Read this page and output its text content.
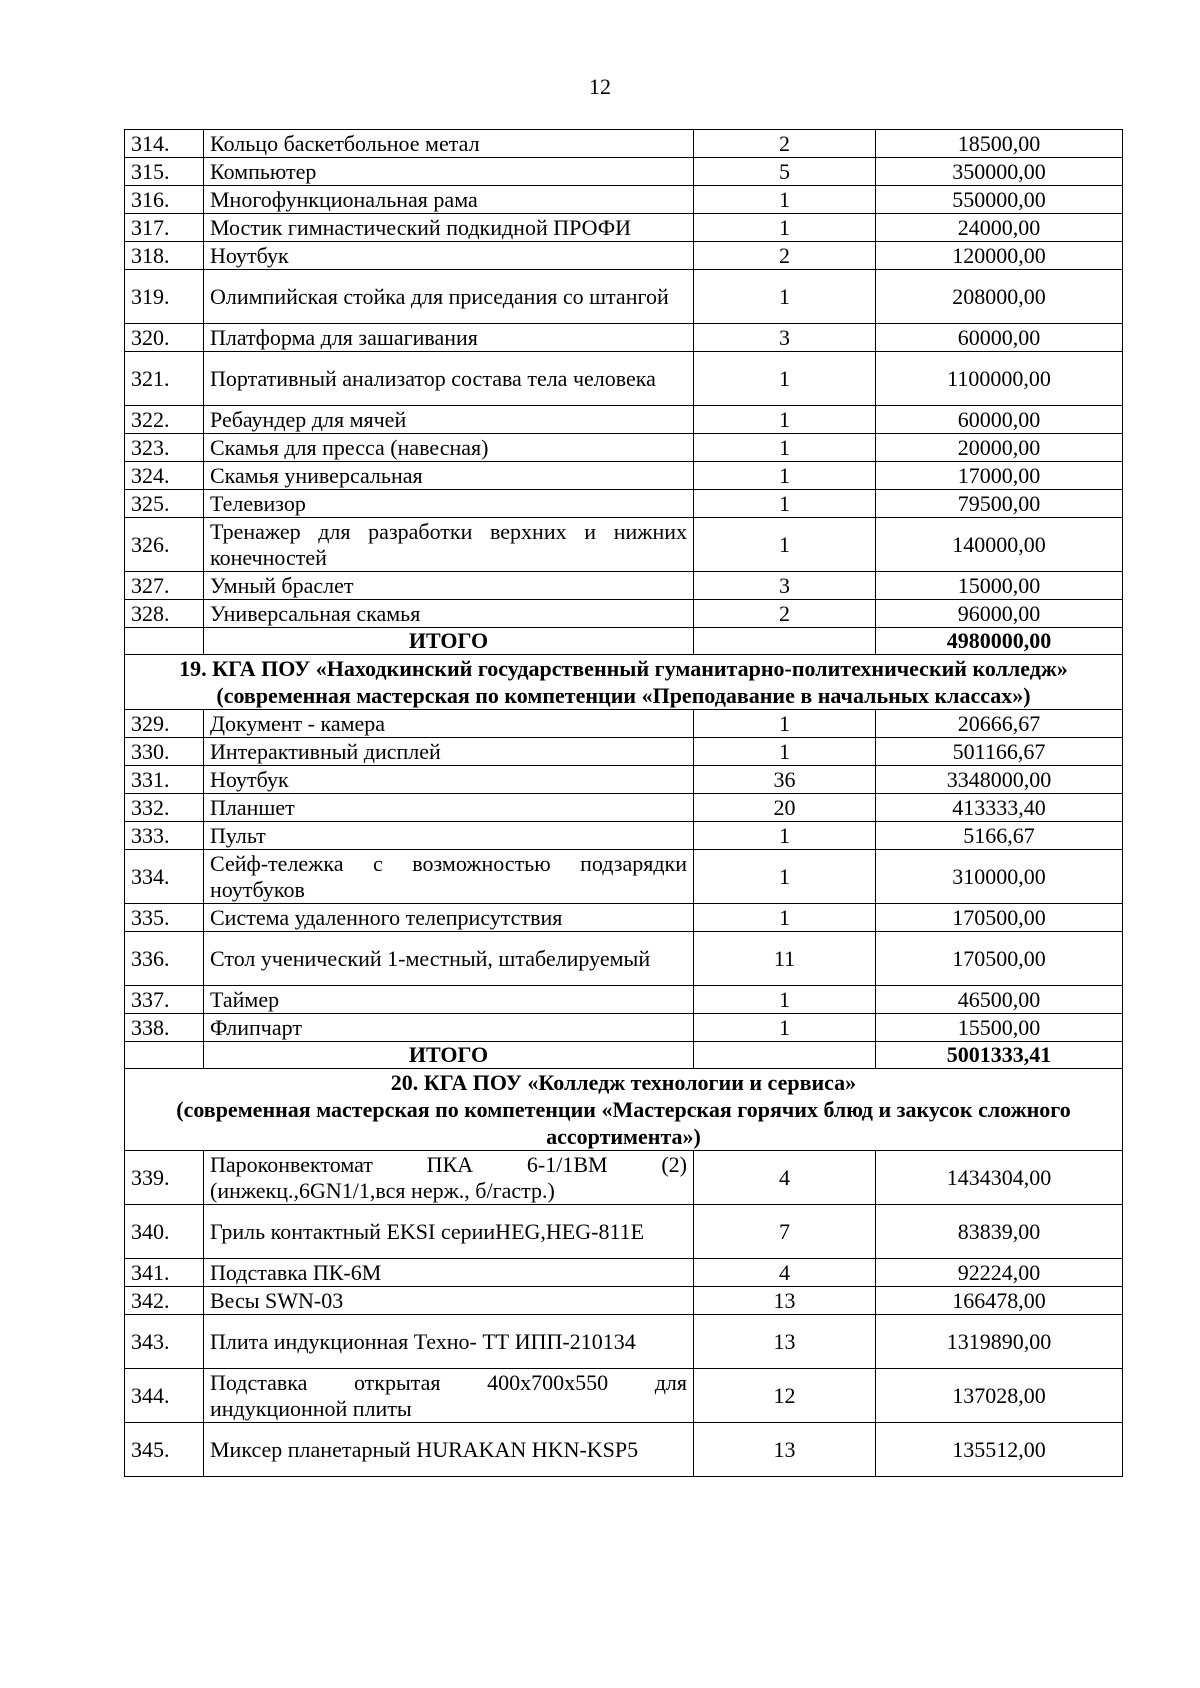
12
314.	Кольцо баскетбольное метал	2	18500,00
315.	Компьютер	5	350000,00
316.	Многофункциональная рама	1	550000,00
317.	Мостик гимнастический подкидной ПРОФИ	1	24000,00
318.	Ноутбук	2	120000,00
319.	Олимпийская стойка для приседания со штангой	1	208000,00
320.	Платформа для зашагивания	3	60000,00
321.	Портативный анализатор состава тела человека	1	1100000,00
322.	Ребаундер для мячей	1	60000,00
323.	Скамья для пресса (навесная)	1	20000,00
324.	Скамья универсальная	1	17000,00
325.	Телевизор	1	79500,00
326.	Тренажер для разработки верхних и нижних конечностей	1	140000,00
327.	Умный браслет	3	15000,00
328.	Универсальная скамья	2	96000,00
	ИТОГО		4980000,00

19. КГА ПОУ «Находкинский государственный гуманитарно-политехнический колледж»
(современная мастерская по компетенции «Преподавание в начальных классах»)			

329.	Документ - камера	1	20666,67
330.	Интерактивный дисплей	1	501166,67
331.	Ноутбук	36	3348000,00
332.	Планшет	20	413333,40
333.	Пульт	1	5166,67
334.	Сейф-тележка с возможностью подзарядки ноутбуков	1	310000,00
335.	Система удаленного телеприсутствия	1	170500,00
336.	Стол ученический 1-местный, штабелируемый	11	170500,00
337.	Таймер	1	46500,00
338.	Флипчарт	1	15500,00
	ИТОГО		5001333,41

20. КГА ПОУ «Колледж технологии и сервиса»
(современная мастерская по компетенции «Мастерская горячих блюд и закусок сложного ассортимента»)			

339.	Пароконвектомат ПКА 6-1/1ВМ (2) (инжекц.,6GN1/1,вся нерж., б/гастр.)	4	1434304,00
340.	Гриль контактный EKSI серииHEG,HEG-811E	7	83839,00
341.	Подставка ПК-6М	4	92224,00
342.	Весы SWN-03	13	166478,00
343.	Плита индукционная Техно- ТТ ИПП-210134	13	1319890,00
344.	Подставка открытая 400х700х550 для индукционной плиты	12	137028,00
345.	Миксер планетарный HURAKAN HKN-KSP5	13	135512,00
